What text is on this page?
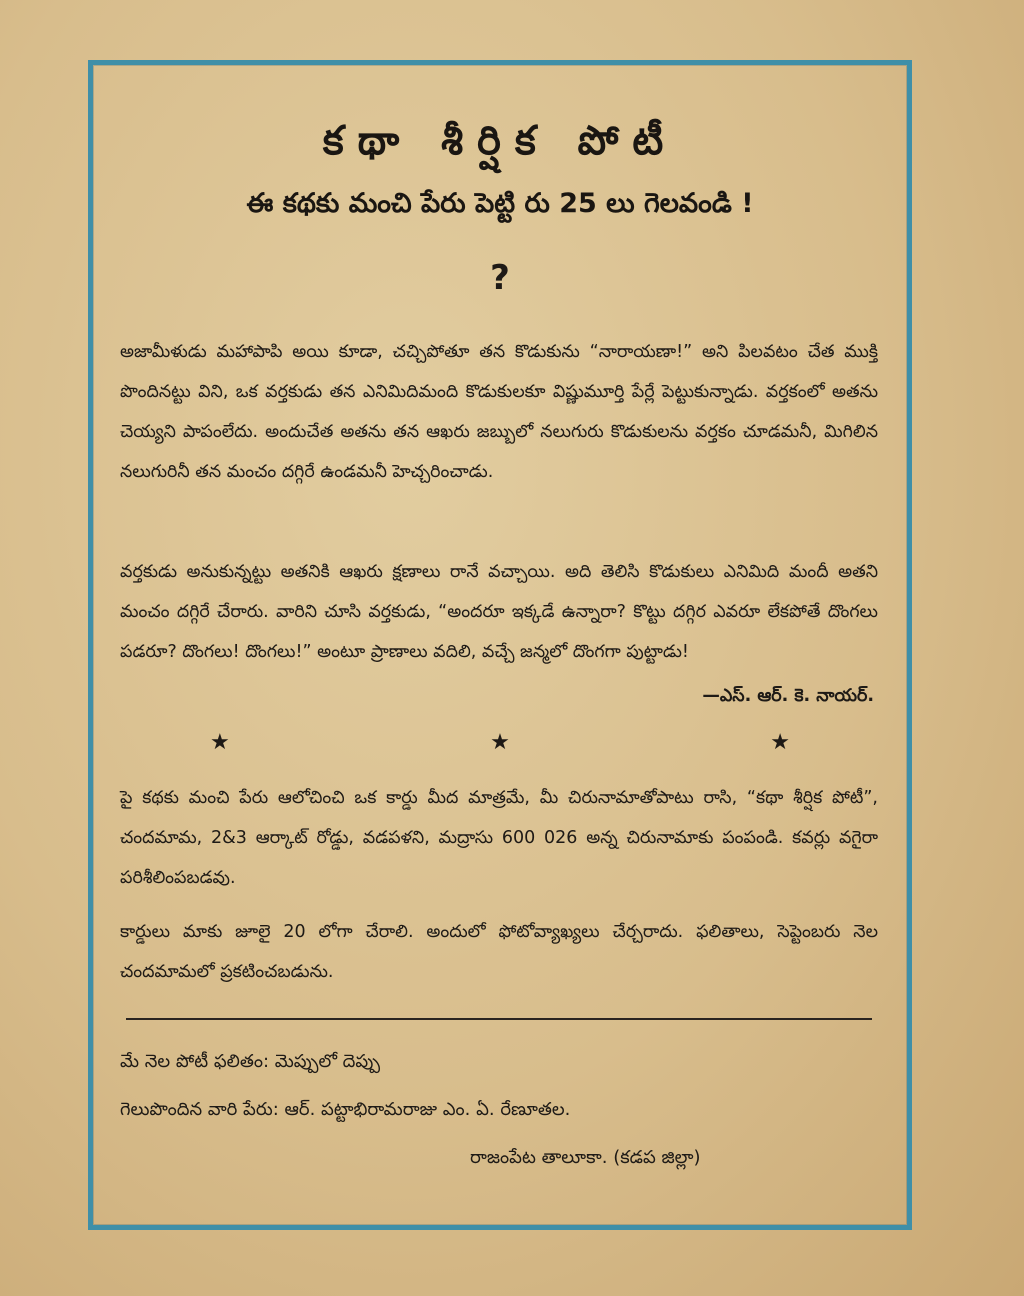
కథా శీర్షిక పోటీ
ఈ కథకు మంచి పేరు పెట్టి రు 25 లు గెలవండి !
?
అజామీళుడు మహాపాపి అయి కూడా, చచ్చిపోతూ తన కొడుకును “నారాయణా!” అని పిలవటం చేత ముక్తి పొందినట్టు విని, ఒక వర్తకుడు తన ఎనిమిదిమంది కొడుకులకూ విష్ణుమూర్తి పేర్లే పెట్టుకున్నాడు. వర్తకంలో అతను చెయ్యని పాపంలేదు. అందుచేత అతను తన ఆఖరు జబ్బులో నలుగురు కొడుకులను వర్తకం చూడమనీ, మిగిలిన నలుగురినీ తన మంచం దగ్గిరే ఉండమనీ హెచ్చరించాడు.
వర్తకుడు అనుకున్నట్టు అతనికి ఆఖరు క్షణాలు రానే వచ్చాయి. అది తెలిసి కొడుకులు ఎనిమిది మందీ అతని మంచం దగ్గిరే చేరారు. వారిని చూసి వర్తకుడు, “అందరూ ఇక్కడే ఉన్నారా? కొట్టు దగ్గిర ఎవరూ లేకపోతే దొంగలు పడరూ? దొంగలు! దొంగలు!” అంటూ ప్రాణాలు వదిలి, వచ్చే జన్మలో దొంగగా పుట్టాడు!
—ఎస్. ఆర్. కె. నాయర్.
★	★	★
పై కథకు మంచి పేరు ఆలోచించి ఒక కార్డు మీద మాత్రమే, మీ చిరునామాతోపాటు రాసి, “కథా శీర్షిక పోటీ”, చందమామ, 2&3 ఆర్కాట్ రోడ్డు, వడపళని, మద్రాసు 600 026 అన్న చిరునామాకు పంపండి. కవర్లు వగైరా పరిశీలింపబడవు.
కార్డులు మాకు జూలై 20 లోగా చేరాలి. అందులో ఫోటోవ్యాఖ్యలు చేర్చరాదు. ఫలితాలు, సెప్టెంబరు నెల చందమామలో ప్రకటించబడును.
మే నెల పోటీ ఫలితం: మెప్పులో దెప్పు
గెలుపొందిన వారి పేరు: ఆర్. పట్టాభిరామరాజు ఎం. ఏ. రేణూతల.
రాజంపేట తాలూకా. (కడప జిల్లా)
